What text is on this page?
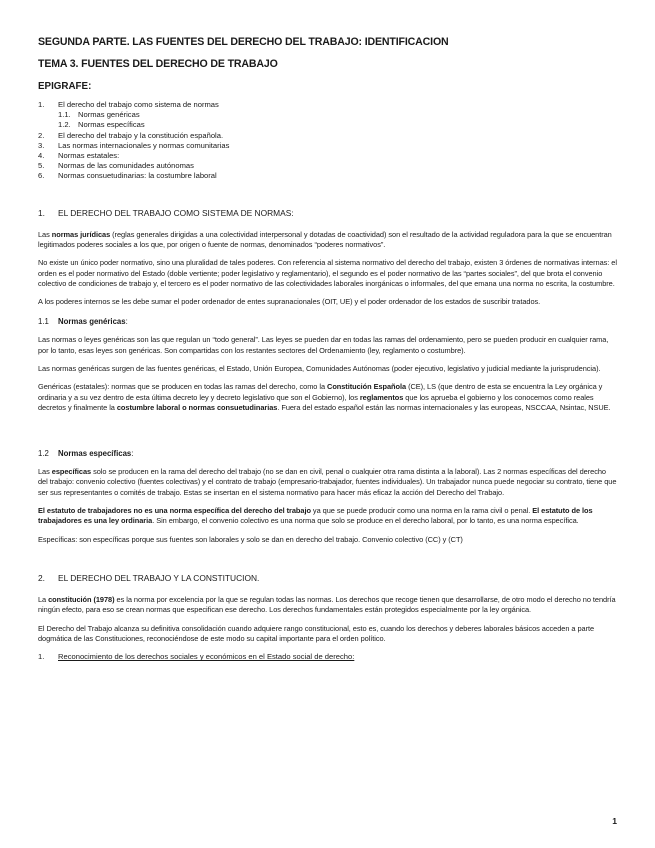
SEGUNDA PARTE. LAS FUENTES DEL DERECHO DEL TRABAJO: IDENTIFICACION
TEMA 3. FUENTES DEL DERECHO DE TRABAJO
EPIGRAFE:
1.	El derecho del trabajo como sistema de normas
1.1. Normas genéricas
1.2. Normas específicas
2.	El derecho del trabajo y la constitución española.
3.	Las normas internacionales y normas comunitarias
4.	Normas estatales:
5.	Normas de las comunidades autónomas
6.	Normas consuetudinarias: la costumbre laboral
1.	EL DERECHO DEL TRABAJO COMO SISTEMA DE NORMAS:

Las normas jurídicas (reglas generales dirigidas a una colectividad interpersonal y dotadas de coactividad) son el resultado de la actividad reguladora para la que se encuentran legitimados poderes sociales a los que, por origen o fuente de normas, denominados “poderes normativos”.

No existe un único poder normativo, sino una pluralidad de tales poderes. Con referencia al sistema normativo del derecho del trabajo, existen 3 órdenes de normativas internas: el orden es el poder normativo del Estado (doble vertiente; poder legislativo y reglamentario), el segundo es el poder normativo de las “partes sociales”, del que brota el convenio colectivo de condiciones de trabajo y, el tercero es el poder normativo de las colectividades laborales inorgánicas o informales, del que emana una norma no escrita, la costumbre.

A los poderes internos se les debe sumar el poder ordenador de entes supranacionales (OIT, UE) y el poder ordenador de los estados de suscribir tratados.

1.1	Normas genéricas :

Las normas o leyes genéricas son las que regulan un “todo general”. Las leyes se pueden dar en todas las ramas del ordenamiento, pero se pueden producir en cualquier rama, por lo tanto, esas leyes son genéricas. Son compartidas con los restantes sectores del Ordenamiento (ley, reglamento o costumbre).

Las normas genéricas surgen de las fuentes genéricas, el Estado, Unión Europea, Comunidades Autónomas (poder ejecutivo, legislativo y judicial mediante la jurisprudencia).

Genéricas (estatales): normas que se producen en todas las ramas del derecho, como la Constitución Española (CE), LS (que dentro de esta se encuentra la Ley orgánica y ordinaria y a su vez dentro de esta última decreto ley y decreto legislativo que son el Gobierno), los reglamentos que los aprueba el gobierno y los conocemos como reales decretos y finalmente la costumbre laboral o normas consuetudinarias. Fuera del estado español están las normas internacionales y las europeas, NSCCAA, Nsintac, NSUE.

1.2	Normas específicas :

Las específicas solo se producen en la rama del derecho del trabajo (no se dan en civil, penal o cualquier otra rama distinta a la laboral). Las 2 normas específicas del derecho del trabajo: convenio colectivo (fuentes colectivas) y el contrato de trabajo (empresario-trabajador, fuentes individuales). Un trabajador nunca puede negociar su contrato, tiene que ser sus representantes o comités de trabajo. Estas se insertan en el sistema normativo para hacer más eficaz la acción del Derecho del Trabajo.

El estatuto de trabajadores no es una norma específica del derecho del trabajo ya que se puede producir como una norma en la rama civil o penal. El estatuto de los trabajadores es una ley ordinaria. Sin embargo, el convenio colectivo es una norma que solo se produce en el derecho laboral, por lo tanto, es una norma específica.

Específicas: son específicas porque sus fuentes son laborales y solo se dan en derecho del trabajo. Convenio colectivo (CC) y (CT)

2.	EL DERECHO DEL TRABAJO Y LA CONSTITUCION.

La constitución (1978) es la norma por excelencia por la que se regulan todas las normas. Los derechos que recoge tienen que desarrollarse, de otro modo el derecho no tendría ningún efecto, para eso se crean normas que especifican ese derecho. Los derechos fundamentales están protegidos especialmente por la ley orgánica.

El Derecho del Trabajo alcanza su definitiva consolidación cuando adquiere rango constitucional, esto es, cuando los derechos y deberes laborales básicos acceden a parte dogmática de las Constituciones, reconociéndose de este modo su capital importante para el orden político.

1.	Reconocimiento de los derechos sociales y económicos en el Estado social de derecho:
1
